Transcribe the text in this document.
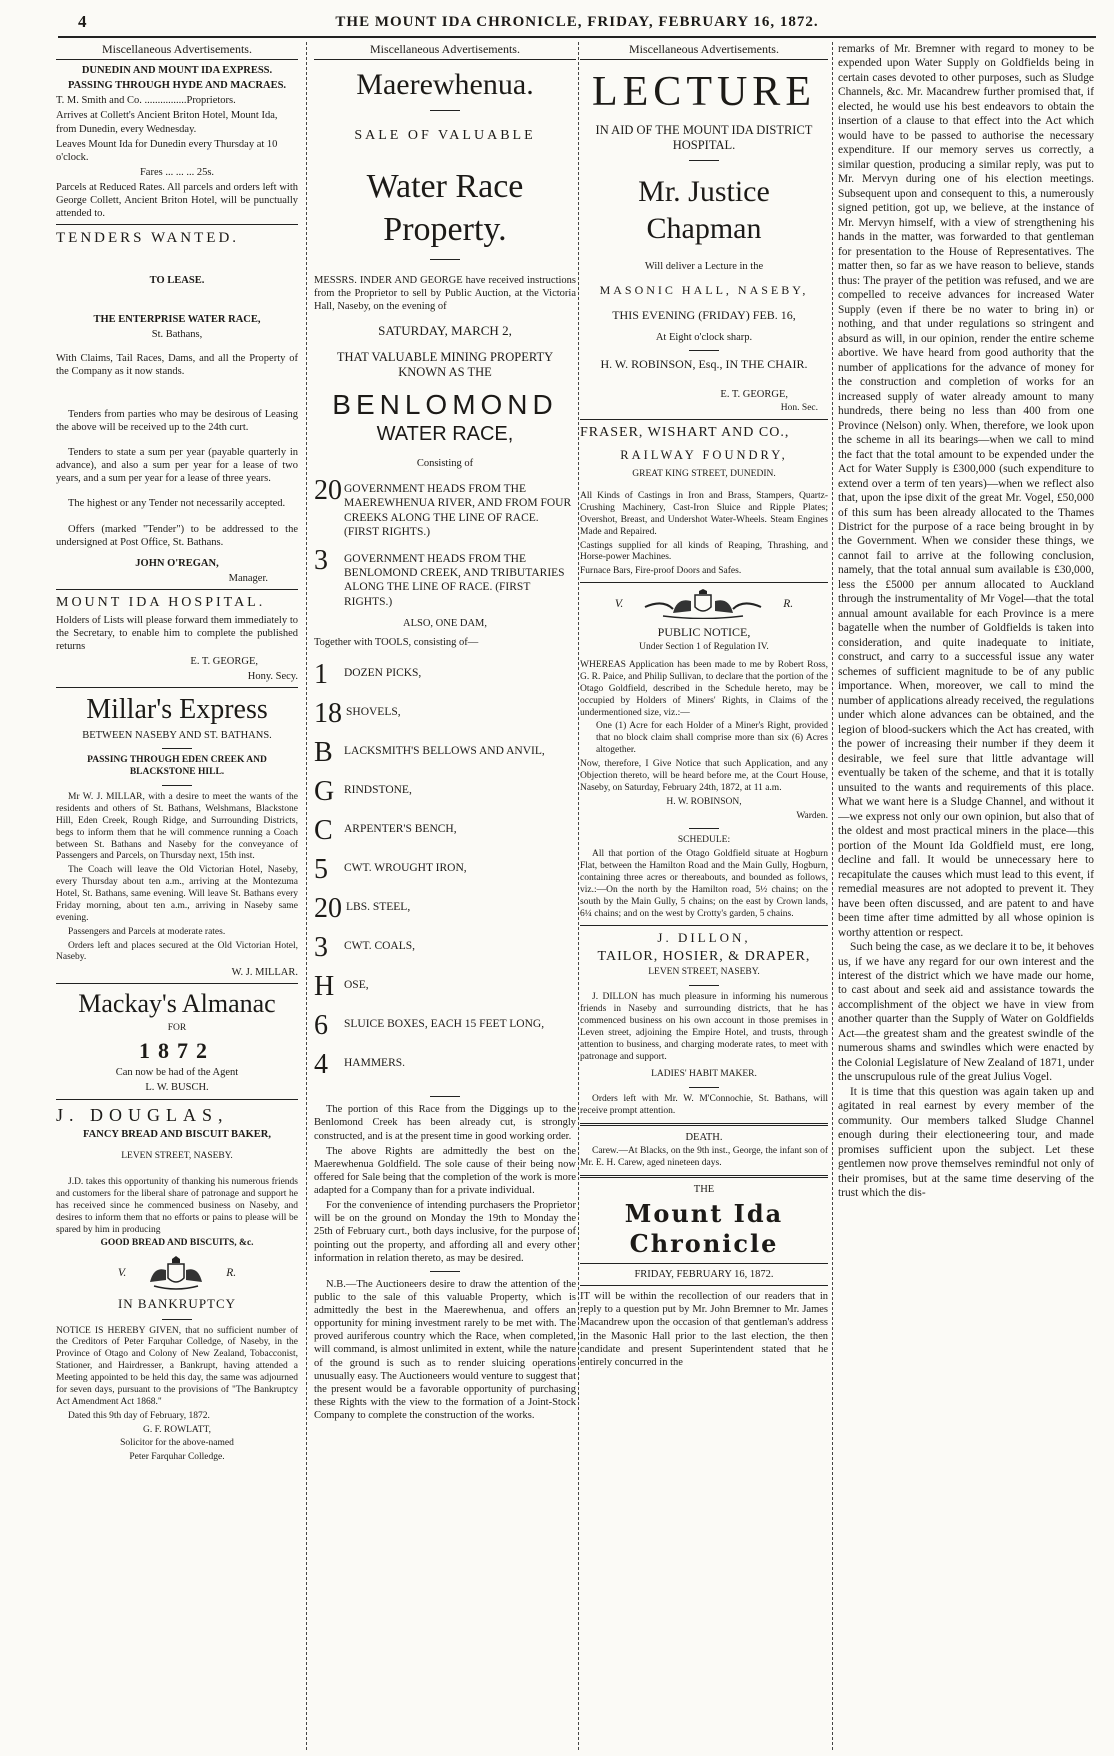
4	THE MOUNT IDA CHRONICLE, FRIDAY, FEBRUARY 16, 1872.
Miscellaneous Advertisements.

DUNEDIN AND MOUNT IDA EXPRESS.

PASSING THROUGH HYDE AND MACRAES.

T. M. Smith and Co. ................Proprietors.

Arrives at Collett's Ancient Briton Hotel, Mount Ida, from Dunedin, every Wednesday.

Leaves Mount Ida for Dunedin every Thursday at 10 o'clock.

Fares ... ... ... 25s.

Parcels at Reduced Rates. All parcels and orders left with George Collett, Ancient Briton Hotel, will be punctually attended to.

TENDERS WANTED.

TO LEASE.

THE ENTERPRISE WATER RACE,

St. Bathans,

With Claims, Tail Races, Dams, and all the Property of the Company as it now stands.

Tenders from parties who may be desirous of Leasing the above will be received up to the 24th curt.

Tenders to state a sum per year (payable quarterly in advance), and also a sum per year for a lease of two years, and a sum per year for a lease of three years.

The highest or any Tender not necessarily accepted.

Offers (marked "Tender") to be addressed to the undersigned at Post Office, St. Bathans.

JOHN O'REGAN,

Manager.

MOUNT IDA HOSPITAL.

Holders of Lists will please forward them immediately to the Secretary, to enable him to complete the published returns

E. T. GEORGE,

Hony. Secy.

Millar's Express

BETWEEN NASEBY AND ST. BATHANS.

PASSING THROUGH EDEN CREEK AND BLACKSTONE HILL.

Mr W. J. MILLAR, with a desire to meet the wants of the residents and others of St. Bathans, Welshmans, Blackstone Hill, Eden Creek, Rough Ridge, and Surrounding Districts, begs to inform them that he will commence running a Coach between St. Bathans and Naseby for the conveyance of Passengers and Parcels, on Thursday next, 15th inst.

The Coach will leave the Old Victorian Hotel, Naseby, every Thursday about ten a.m., arriving at the Montezuma Hotel, St. Bathans, same evening. Will leave St. Bathans every Friday morning, about ten a.m., arriving in Naseby same evening.

Passengers and Parcels at moderate rates.

Orders left and places secured at the Old Victorian Hotel, Naseby.

W. J. MILLAR.

Mackay's Almanac

FOR

1872

Can now be had of the Agent

L. W. BUSCH.

J. DOUGLAS,

FANCY BREAD AND BISCUIT BAKER,

LEVEN STREET, NASEBY.

J.D. takes this opportunity of thanking his numerous friends and customers for the liberal share of patronage and support he has received since he commenced business on Naseby, and desires to inform them that no efforts or pains to please will be spared by him in producing

GOOD BREAD AND BISCUITS, &c.

V.	R.

IN BANKRUPTCY

NOTICE IS HEREBY GIVEN, that no sufficient number of the Creditors of Peter Farquhar Colledge, of Naseby, in the Province of Otago and Colony of New Zealand, Tobacconist, Stationer, and Hairdresser, a Bankrupt, having attended a Meeting appointed to be held this day, the same was adjourned for seven days, pursuant to the provisions of "The Bankruptcy Act Amendment Act 1868."

Dated this 9th day of February, 1872.

G. F. ROWLATT,

Solicitor for the above-named

Peter Farquhar Colledge.

Miscellaneous Advertisements.

Maerewhenua.

SALE OF VALUABLE

Water Race Property.

MESSRS. INDER AND GEORGE have received instructions from the Proprietor to sell by Public Auction, at the Victoria Hall, Naseby, on the evening of

SATURDAY, MARCH 2,

THAT VALUABLE MINING PROPERTY KNOWN AS THE

BENLOMOND

WATER RACE,

Consisting of

20 GOVERNMENT HEADS FROM THE MAEREWHENUA RIVER, AND FROM FOUR CREEKS ALONG THE LINE OF RACE. (FIRST RIGHTS.)
3	GOVERNMENT HEADS FROM THE BENLOMOND CREEK, AND TRIBUTARIES ALONG THE LINE OF RACE. (FIRST RIGHTS.)

ALSO, ONE DAM,

Together with TOOLS, consisting of—

1	DOZEN PICKS,
18 SHOVELS,
B LACKSMITH'S BELLOWS AND ANVIL,
G RINDSTONE,
C ARPENTER'S BENCH,
5	CWT. WROUGHT IRON,
20 LBS. STEEL,
3	CWT. COALS,
H OSE,
6	SLUICE BOXES, EACH 15 FEET LONG,
4	HAMMERS.

The portion of this Race from the Diggings up to the Benlomond Creek has been already cut, is strongly constructed, and is at the present time in good working order.

The above Rights are admittedly the best on the Maerewhenua Goldfield. The sole cause of their being now offered for Sale being that the completion of the work is more adapted for a Company than for a private individual.

For the convenience of intending purchasers the Proprietor will be on the ground on Monday the 19th to Monday the 25th of February curt., both days inclusive, for the purpose of pointing out the property, and affording all and every other information in relation thereto, as may be desired.

N.B.—The Auctioneers desire to draw the attention of the public to the sale of this valuable Property, which is admittedly the best in the Maerewhenua, and offers an opportunity for mining investment rarely to be met with. The proved auriferous country which the Race, when completed, will command, is almost unlimited in extent, while the nature of the ground is such as to render sluicing operations unusually easy. The Auctioneers would venture to suggest that the present would be a favorable opportunity of purchasing these Rights with the view to the formation of a Joint-Stock Company to complete the construction of the works.

Miscellaneous Advertisements.

LECTURE

IN AID OF THE MOUNT IDA DISTRICT HOSPITAL.

Mr. Justice Chapman

Will deliver a Lecture in the

MASONIC HALL, NASEBY,

THIS EVENING (FRIDAY) FEB. 16,

At Eight o'clock sharp.

H. W. ROBINSON, Esq., IN THE CHAIR.

E. T. GEORGE,

Hon. Sec.

FRASER, WISHART AND CO.,

RAILWAY FOUNDRY,

GREAT KING STREET, DUNEDIN.

All Kinds of Castings in Iron and Brass, Stampers, Quartz-Crushing Machinery, Cast-Iron Sluice and Ripple Plates; Overshot, Breast, and Undershot Water-Wheels. Steam Engines Made and Repaired.

Castings supplied for all kinds of Reaping, Thrashing, and Horse-power Machines.

Furnace Bars, Fire-proof Doors and Safes.

V.	R.

PUBLIC NOTICE,

Under Section 1 of Regulation IV.

WHEREAS Application has been made to me by Robert Ross, G. R. Paice, and Philip Sullivan, to declare that the portion of the Otago Goldfield, described in the Schedule hereto, may be occupied by Holders of Miners' Rights, in Claims of the undermentioned size, viz.:—

One (1) Acre for each Holder of a Miner's Right, provided that no block claim shall comprise more than six (6) Acres altogether.

Now, therefore, I Give Notice that such Application, and any Objection thereto, will be heard before me, at the Court House, Naseby, on Saturday, February 24th, 1872, at 11 a.m.

H. W. ROBINSON,

Warden.

SCHEDULE:

All that portion of the Otago Goldfield situate at Hogburn Flat, between the Hamilton Road and the Main Gully, Hogburn, containing three acres or thereabouts, and bounded as follows, viz.:—On the north by the Hamilton road, 5½ chains; on the south by the Main Gully, 5 chains; on the east by Crown lands, 6¼ chains; and on the west by Crotty's garden, 5 chains.

J. DILLON,

TAILOR, HOSIER, & DRAPER,

LEVEN STREET, NASEBY.

J. DILLON has much pleasure in informing his numerous friends in Naseby and surrounding districts, that he has commenced business on his own account in those premises in Leven street, adjoining the Empire Hotel, and trusts, through attention to business, and charging moderate rates, to meet with patronage and support.

LADIES' HABIT MAKER.

Orders left with Mr. W. M'Connochie, St. Bathans, will receive prompt attention.

DEATH.

Carew.—At Blacks, on the 9th inst., George, the infant son of Mr. E. H. Carew, aged nineteen days.

THE

Mount Ida Chronicle

FRIDAY, FEBRUARY 16, 1872.

IT will be within the recollection of our readers that in reply to a question put by Mr. John Bremner to Mr. James Macandrew upon the occasion of that gentleman's address in the Masonic Hall prior to the last election, the then candidate and present Superintendent stated that he entirely concurred in the

remarks of Mr. Bremner with regard to money to be expended upon Water Supply on Goldfields being in certain cases devoted to other purposes, such as Sludge Channels, &c. Mr. Macandrew further promised that, if elected, he would use his best endeavors to obtain the insertion of a clause to that effect into the Act which would have to be passed to authorise the necessary expenditure. If our memory serves us correctly, a similar question, producing a similar reply, was put to Mr. Mervyn during one of his election meetings. Subsequent upon and consequent to this, a numerously signed petition, got up, we believe, at the instance of Mr. Mervyn himself, with a view of strengthening his hands in the matter, was forwarded to that gentleman for presentation to the House of Representatives. The matter then, so far as we have reason to believe, stands thus: The prayer of the petition was refused, and we are compelled to receive advances for increased Water Supply (even if there be no water to bring in) or nothing, and that under regulations so stringent and absurd as will, in our opinion, render the entire scheme abortive. We have heard from good authority that the number of applications for the advance of money for the construction and completion of works for an increased supply of water already amount to many hundreds, there being no less than 400 from one Province (Nelson) only. When, therefore, we look upon the scheme in all its bearings—when we call to mind the fact that the total amount to be expended under the Act for Water Supply is £300,000 (such expenditure to extend over a term of ten years)—when we reflect also that, upon the ipse dixit of the great Mr. Vogel, £50,000 of this sum has been already allocated to the Thames District for the purpose of a race being brought in by the Government. When we consider these things, we cannot fail to arrive at the following conclusion, namely, that the total annual sum available is £30,000, less the £5000 per annum allocated to Auckland through the instrumentality of Mr Vogel—that the total annual amount available for each Province is a mere bagatelle when the number of Goldfields is taken into consideration, and quite inadequate to initiate, construct, and carry to a successful issue any water schemes of sufficient magnitude to be of any public importance. When, moreover, we call to mind the number of applications already received, the regulations under which alone advances can be obtained, and the legion of blood-suckers which the Act has created, with the power of increasing their number if they deem it desirable, we feel sure that little advantage will eventually be taken of the scheme, and that it is totally unsuited to the wants and requirements of this place. What we want here is a Sludge Channel, and without it—we express not only our own opinion, but also that of the oldest and most practical miners in the place—this portion of the Mount Ida Goldfield must, ere long, decline and fall. It would be unnecessary here to recapitulate the causes which must lead to this event, if remedial measures are not adopted to prevent it. They have been often discussed, and are patent to and have been time after time admitted by all whose opinion is worthy attention or respect.

Such being the case, as we declare it to be, it behoves us, if we have any regard for our own interest and the interest of the district which we have made our home, to cast about and seek aid and assistance towards the accomplishment of the object we have in view from another quarter than the Supply of Water on Goldfields Act—the greatest sham and the greatest swindle of the numerous shams and swindles which were enacted by the Colonial Legislature of New Zealand of 1871, under the unscrupulous rule of the great Julius Vogel.

It is time that this question was again taken up and agitated in real earnest by every member of the community. Our members talked Sludge Channel enough during their electioneering tour, and made promises sufficient upon the subject. Let these gentlemen now prove themselves remindful not only of their promises, but at the same time deserving of the trust which the dis-
